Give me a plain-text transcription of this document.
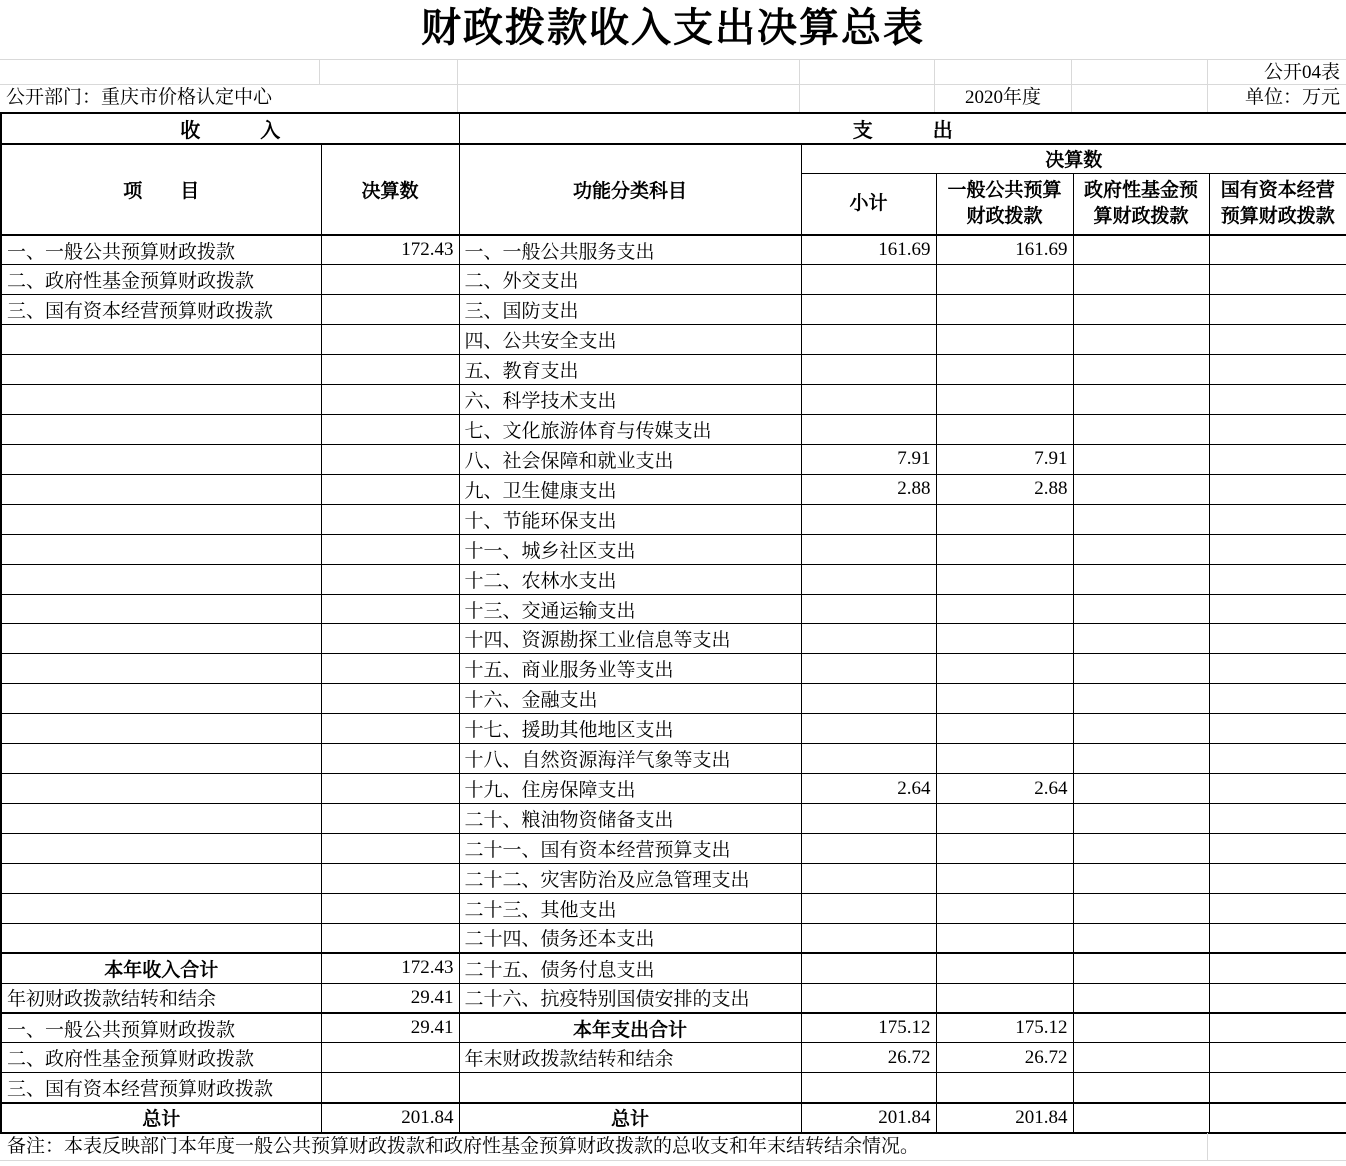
财政拨款收入支出决算总表
公开04表
公开部门：重庆市价格认定中心	2020年度	单位：万元
收　　　入		支　　　出				
项　　目	决算数	功能分类科目	决算数			
			小计	一般公共预算财政拨款	政府性基金预算财政拨款	国有资本经营预算财政拨款
一、一般公共预算财政拨款	172.43	一、一般公共服务支出	161.69	161.69		
二、政府性基金预算财政拨款		二、外交支出				
三、国有资本经营预算财政拨款		三、国防支出				
		四、公共安全支出				
		五、教育支出				
		六、科学技术支出				
		七、文化旅游体育与传媒支出				
		八、社会保障和就业支出	7.91	7.91		
		九、卫生健康支出	2.88	2.88		
		十、节能环保支出				
		十一、城乡社区支出				
		十二、农林水支出				
		十三、交通运输支出				
		十四、资源勘探工业信息等支出				
		十五、商业服务业等支出				
		十六、金融支出				
		十七、援助其他地区支出				
		十八、自然资源海洋气象等支出				
		十九、住房保障支出	2.64	2.64		
		二十、粮油物资储备支出				
		二十一、国有资本经营预算支出				
		二十二、灾害防治及应急管理支出				
		二十三、其他支出				
		二十四、债务还本支出				
本年收入合计	172.43	二十五、债务付息支出				
年初财政拨款结转和结余	29.41	二十六、抗疫特别国债安排的支出				
一、一般公共预算财政拨款	29.41	本年支出合计	175.12	175.12		
二、政府性基金预算财政拨款		年末财政拨款结转和结余	26.72	26.72		
三、国有资本经营预算财政拨款						
总计	201.84	总计	201.84	201.84		
备注：本表反映部门本年度一般公共预算财政拨款和政府性基金预算财政拨款的总收支和年末结转结余情况。
